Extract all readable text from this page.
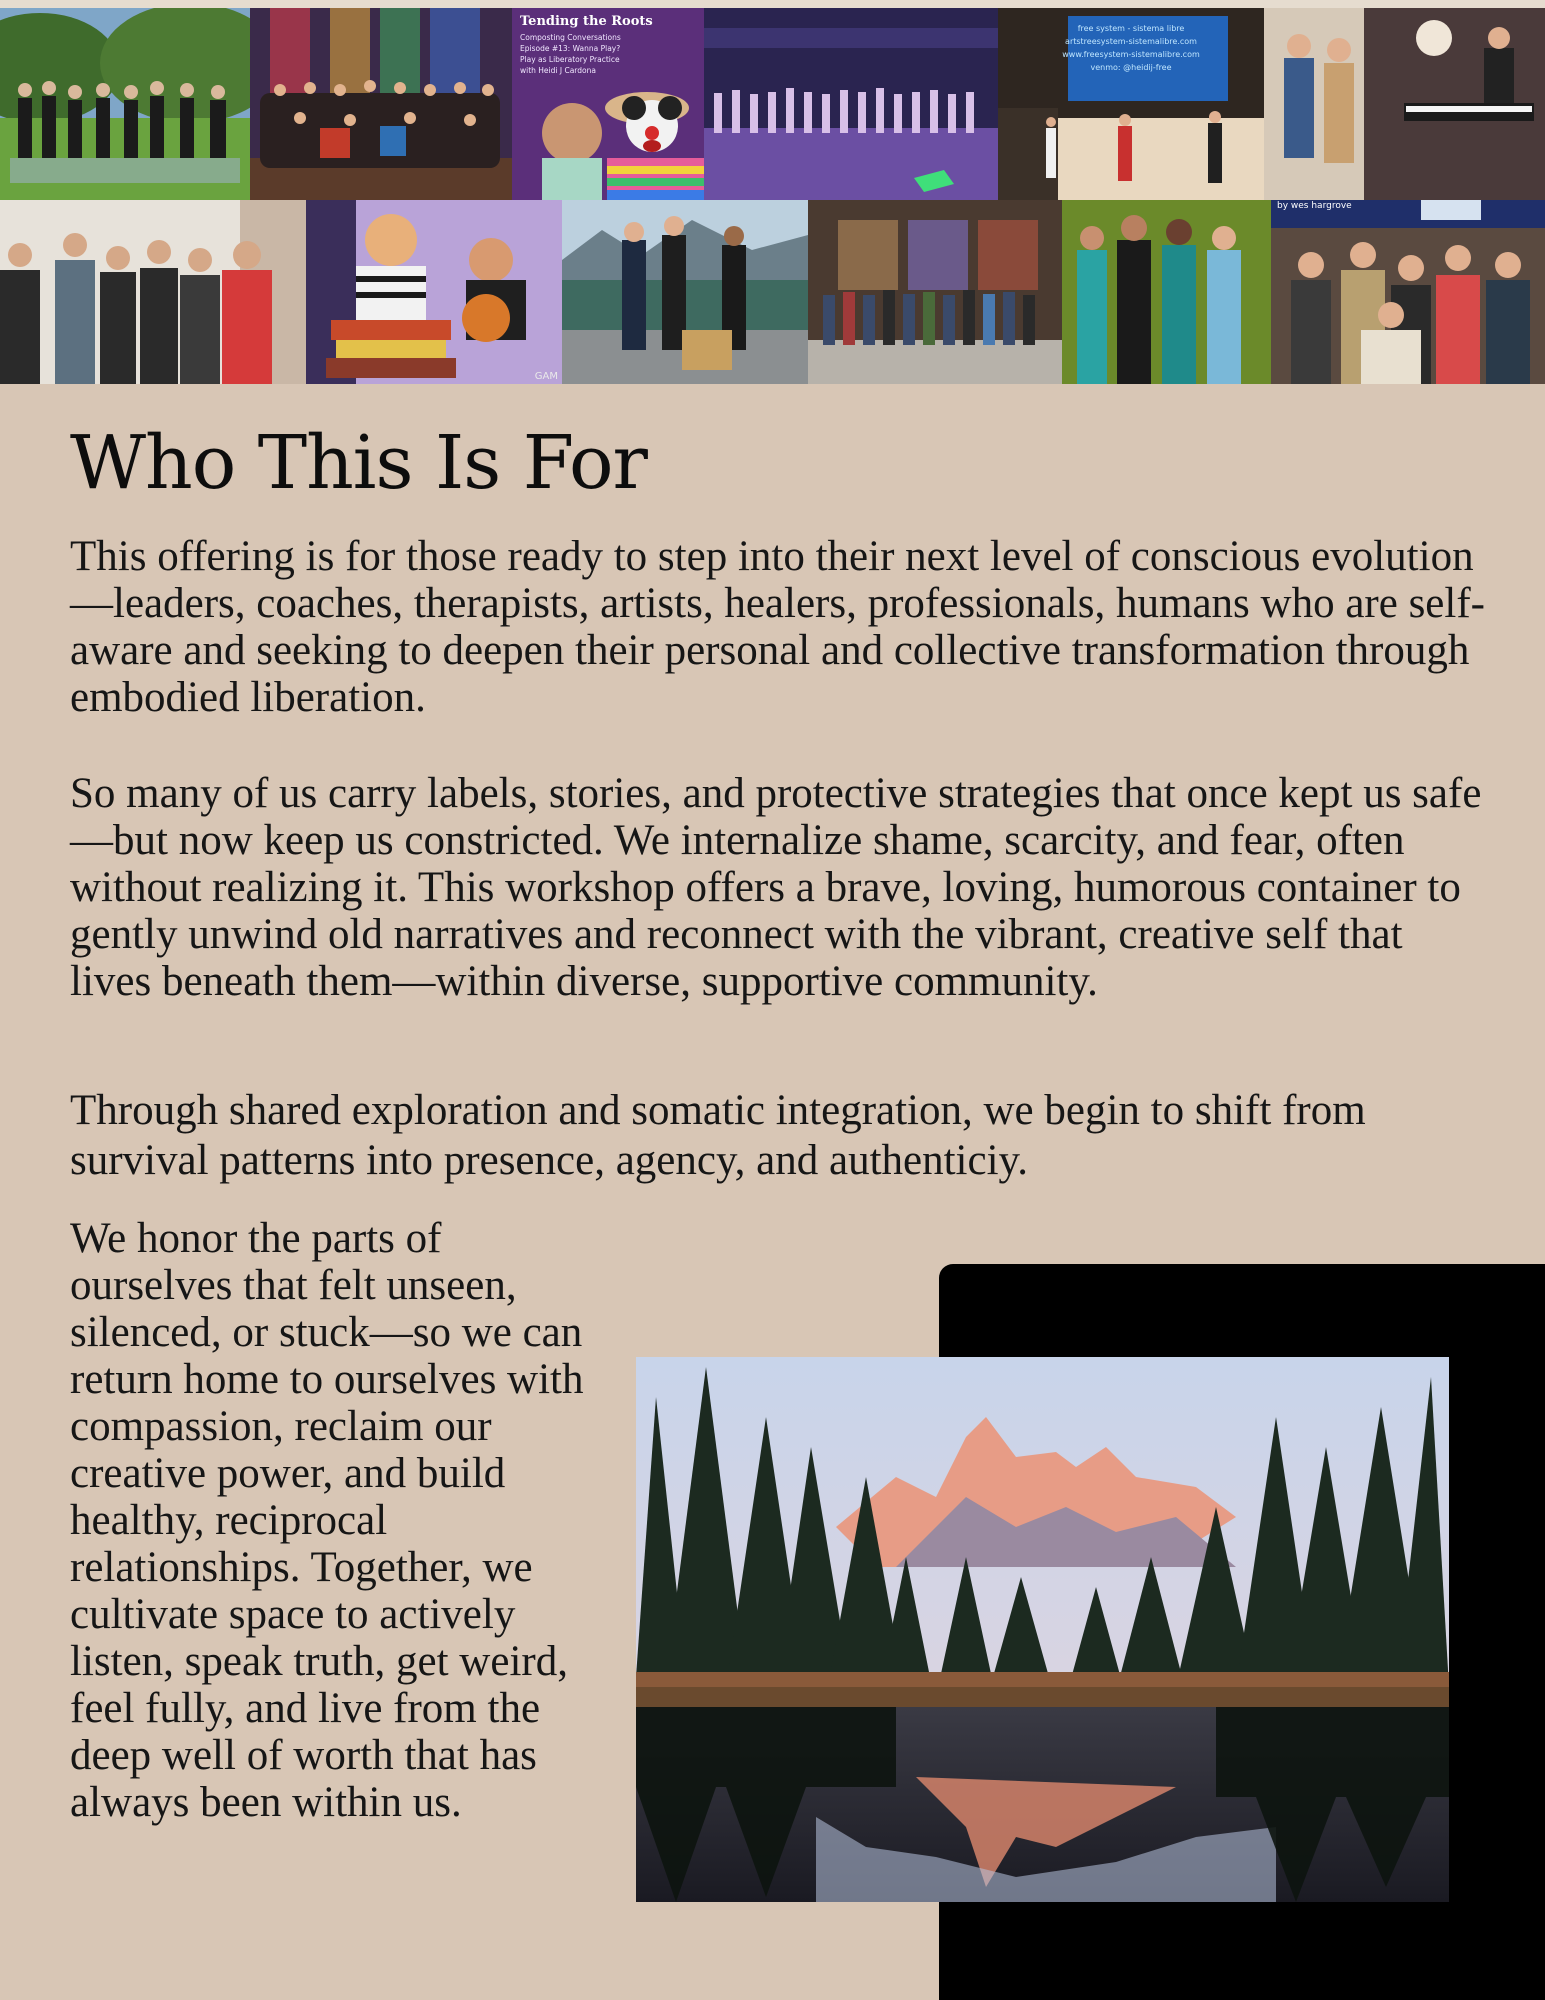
Tending the Roots
Composting Conversations
Episode #13: Wanna Play?
Play as Liberatory Practice
with Heidi J Cardona
free system - sistema libre
artstreesystem-sistemalibre.com
www.freesystem-sistemalibre.com
venmo: @heidij-free
GAM
by wes hargrove
Who This Is For

This offering is for those ready to step into their next level of conscious evolution—leaders, coaches, therapists, artists, healers, professionals, humans who are self-aware and seeking to deepen their personal and collective transformation through embodied liberation.

So many of us carry labels, stories, and protective strategies that once kept us safe—but now keep us constricted. We internalize shame, scarcity, and fear, often without realizing it. This workshop offers a brave, loving, humorous container to gently unwind old narratives and reconnect with the vibrant, creative self that lives beneath them—within diverse, supportive community.

Through shared exploration and somatic integration, we begin to shift from survival patterns into presence, agency, and authenticiy.

We honor the parts of ourselves that felt unseen, silenced, or stuck—so we can return home to ourselves with compassion, reclaim our creative power, and build healthy, reciprocal relationships. Together, we cultivate space to actively listen, speak truth, get weird, feel fully, and live from the deep well of worth that has always been within us.
